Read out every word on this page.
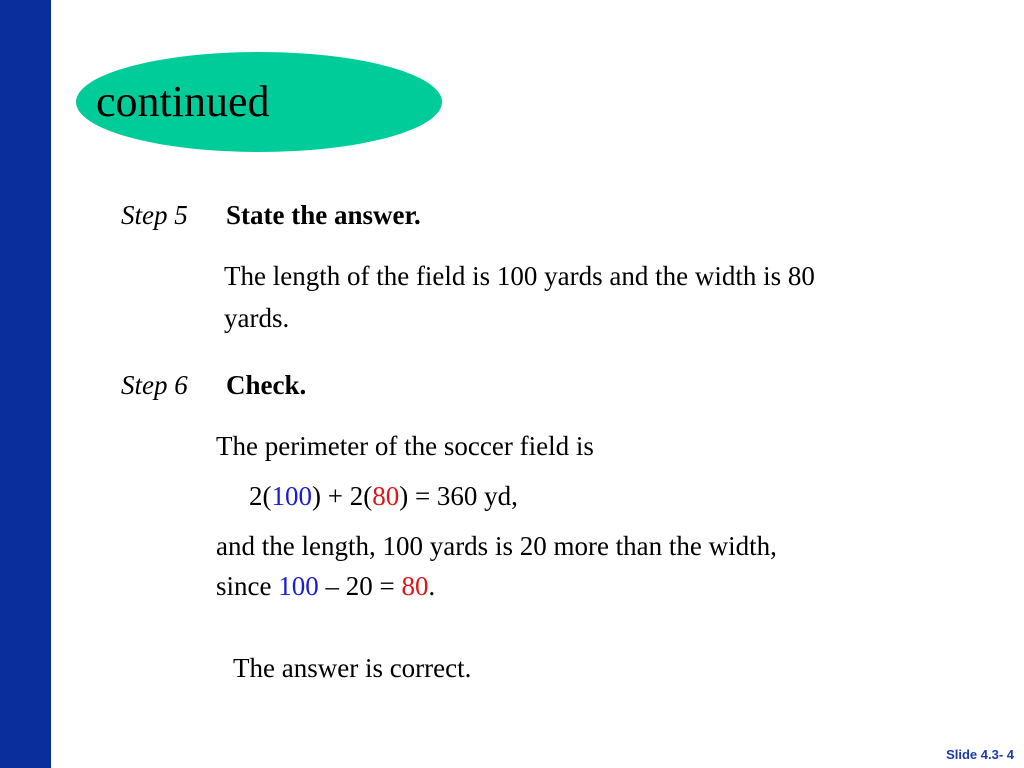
continued
Step 5 State the answer.
The length of the field is 100 yards and the width is 80
yards.
Step 6 Check.
The perimeter of the soccer field is
2(100) + 2(80) = 360 yd,
and the length, 100 yards is 20 more than the width,
since 100 – 20 = 80.
The answer is correct.
Slide 4.3- 4
